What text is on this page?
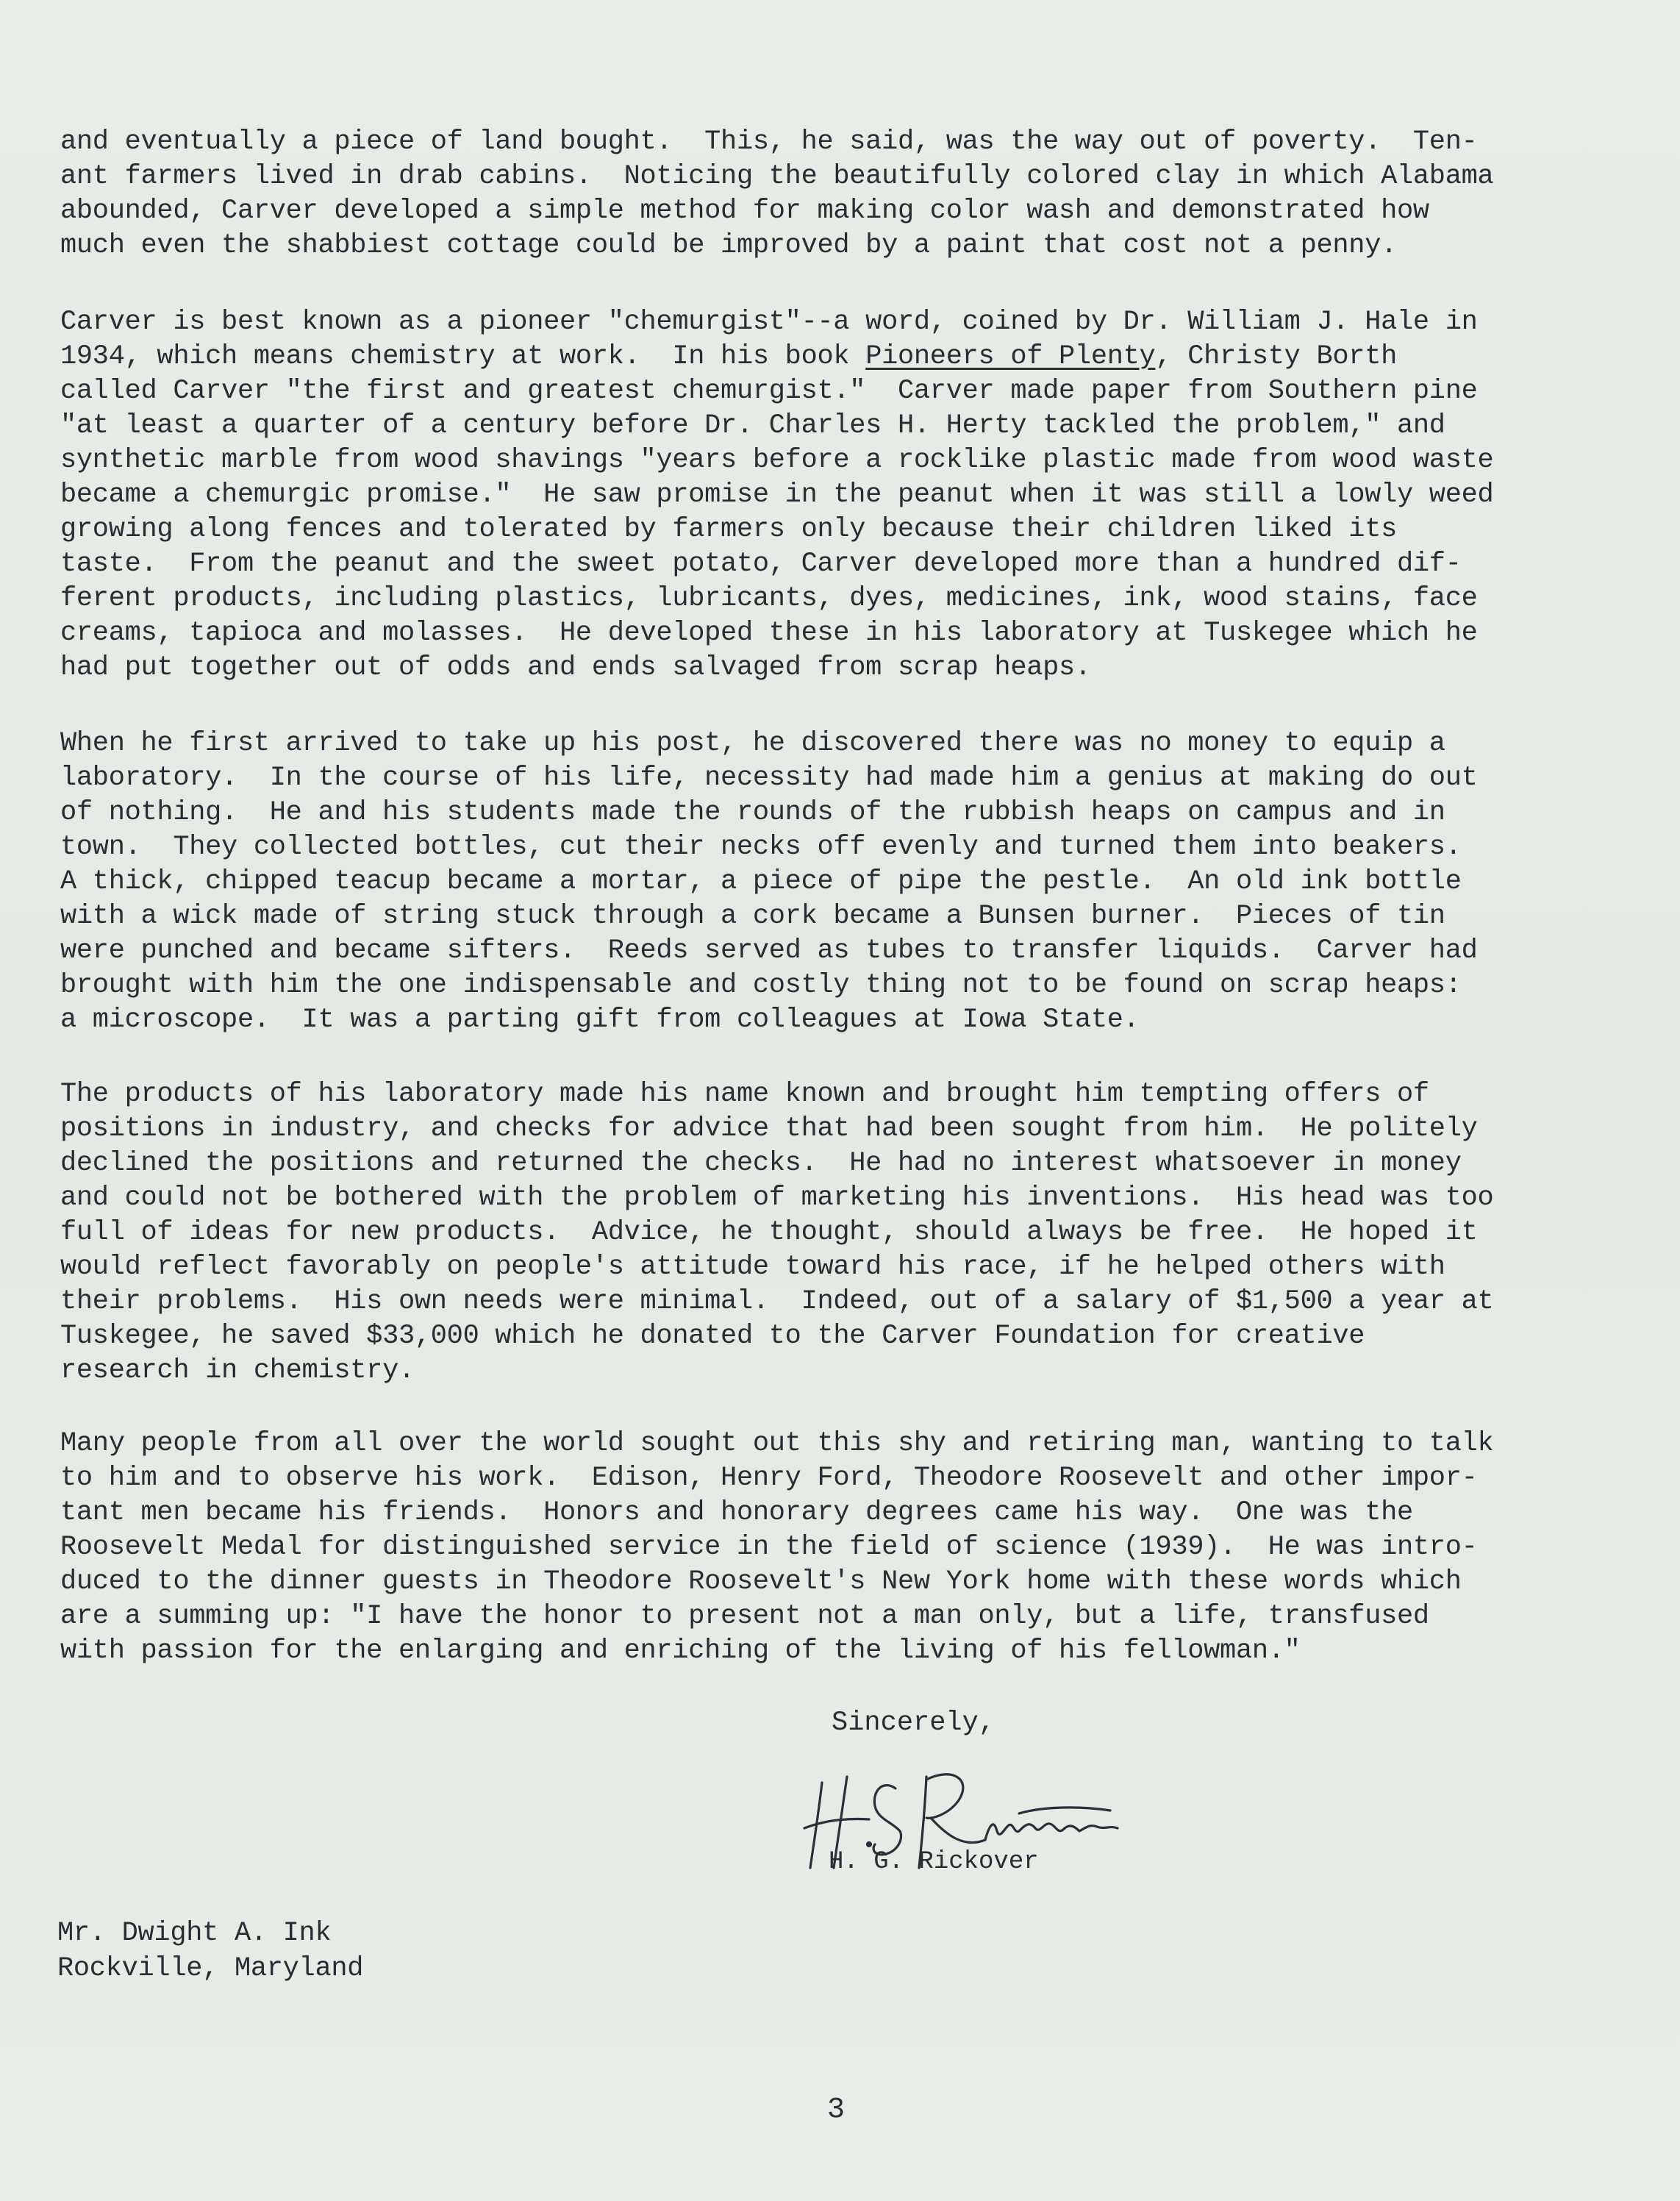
and eventually a piece of land bought.  This, he said, was the way out of poverty.  Ten-
ant farmers lived in drab cabins.  Noticing the beautifully colored clay in which Alabama
abounded, Carver developed a simple method for making color wash and demonstrated how
much even the shabbiest cottage could be improved by a paint that cost not a penny.
Carver is best known as a pioneer "chemurgist"--a word, coined by Dr. William J. Hale in
1934, which means chemistry at work.  In his book Pioneers of Plenty, Christy Borth
called Carver "the first and greatest chemurgist."  Carver made paper from Southern pine
"at least a quarter of a century before Dr. Charles H. Herty tackled the problem," and
synthetic marble from wood shavings "years before a rocklike plastic made from wood waste
became a chemurgic promise."  He saw promise in the peanut when it was still a lowly weed
growing along fences and tolerated by farmers only because their children liked its
taste.  From the peanut and the sweet potato, Carver developed more than a hundred dif-
ferent products, including plastics, lubricants, dyes, medicines, ink, wood stains, face
creams, tapioca and molasses.  He developed these in his laboratory at Tuskegee which he
had put together out of odds and ends salvaged from scrap heaps.
When he first arrived to take up his post, he discovered there was no money to equip a
laboratory.  In the course of his life, necessity had made him a genius at making do out
of nothing.  He and his students made the rounds of the rubbish heaps on campus and in
town.  They collected bottles, cut their necks off evenly and turned them into beakers.
A thick, chipped teacup became a mortar, a piece of pipe the pestle.  An old ink bottle
with a wick made of string stuck through a cork became a Bunsen burner.  Pieces of tin
were punched and became sifters.  Reeds served as tubes to transfer liquids.  Carver had
brought with him the one indispensable and costly thing not to be found on scrap heaps:
a microscope.  It was a parting gift from colleagues at Iowa State.
The products of his laboratory made his name known and brought him tempting offers of
positions in industry, and checks for advice that had been sought from him.  He politely
declined the positions and returned the checks.  He had no interest whatsoever in money
and could not be bothered with the problem of marketing his inventions.  His head was too
full of ideas for new products.  Advice, he thought, should always be free.  He hoped it
would reflect favorably on people's attitude toward his race, if he helped others with
their problems.  His own needs were minimal.  Indeed, out of a salary of $1,500 a year at
Tuskegee, he saved $33,000 which he donated to the Carver Foundation for creative
research in chemistry.
Many people from all over the world sought out this shy and retiring man, wanting to talk
to him and to observe his work.  Edison, Henry Ford, Theodore Roosevelt and other impor-
tant men became his friends.  Honors and honorary degrees came his way.  One was the
Roosevelt Medal for distinguished service in the field of science (1939).  He was intro-
duced to the dinner guests in Theodore Roosevelt's New York home with these words which
are a summing up: "I have the honor to present not a man only, but a life, transfused
with passion for the enlarging and enriching of the living of his fellowman."
Sincerely,
H. G. Rickover
Mr. Dwight A. Ink
Rockville, Maryland
3
